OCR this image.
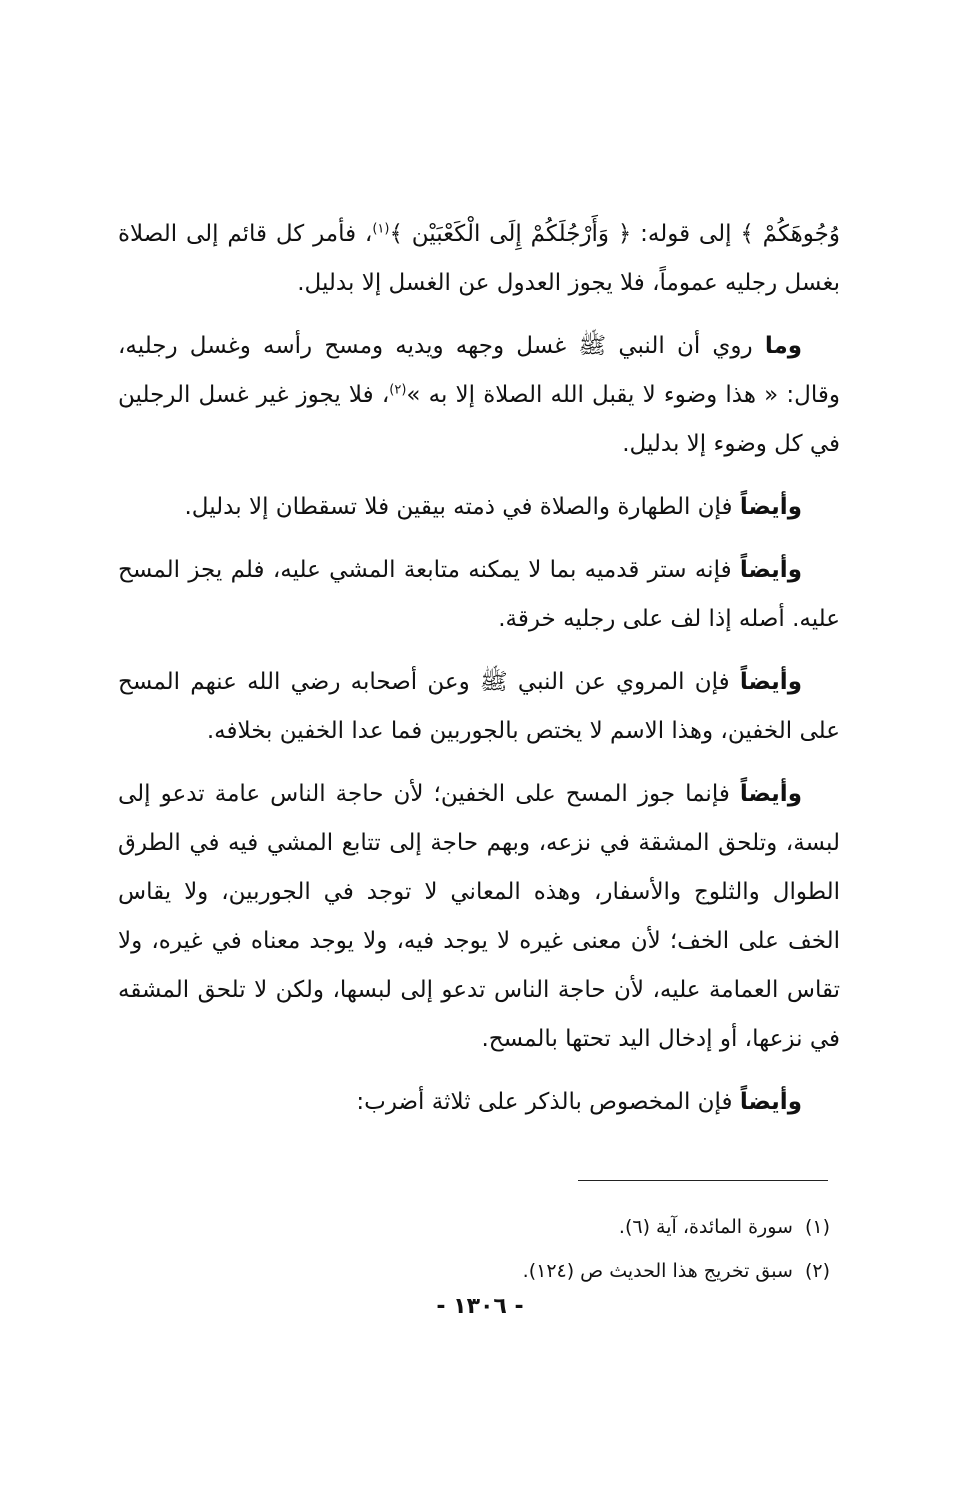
وُجُوهَكُمْ ﴾ إلى قوله: ﴿ وَأَرْجُلَكُمْ إِلَى الْكَعْبَيْن ﴾$^{(١)}$، فأمر كل قائم إلى الصلاة بغسل رجليه عموماً، فلا يجوز العدول عن الغسل إلا بدليل.

وما روي أن النبي ﷺ غسل وجهه ويديه ومسح رأسه وغسل رجليه، وقال: « هذا وضوء لا يقبل الله الصلاة إلا به »$^{(٢)}$، فلا يجوز غير غسل الرجلين في كل وضوء إلا بدليل.

وأيضاً فإن الطهارة والصلاة في ذمته بيقين فلا تسقطان إلا بدليل.

وأيضاً فإنه ستر قدميه بما لا يمكنه متابعة المشي عليه، فلم يجز المسح عليه. أصله إذا لف على رجليه خرقة.

وأيضاً فإن المروي عن النبي ﷺ وعن أصحابه رضي الله عنهم المسح على الخفين، وهذا الاسم لا يختص بالجوربين فما عدا الخفين بخلافه.

وأيضاً فإنما جوز المسح على الخفين؛ لأن حاجة الناس عامة تدعو إلى لبسة، وتلحق المشقة في نزعه، وبهم حاجة إلى تتابع المشي فيه في الطرق الطوال والثلوج والأسفار، وهذه المعاني لا توجد في الجوربين، ولا يقاس الخف على الخف؛ لأن معنى غيره لا يوجد فيه، ولا يوجد معناه في غيره، ولا تقاس العمامة عليه، لأن حاجة الناس تدعو إلى لبسها، ولكن لا تلحق المشقه في نزعها، أو إدخال اليد تحتها بالمسح.

وأيضاً فإن المخصوص بالذكر على ثلاثة أضرب:

(١)سورة المائدة، آية (٦).
(٢)سبق تخريج هذا الحديث ص (١٢٤).
- ١٣٠٦ -
